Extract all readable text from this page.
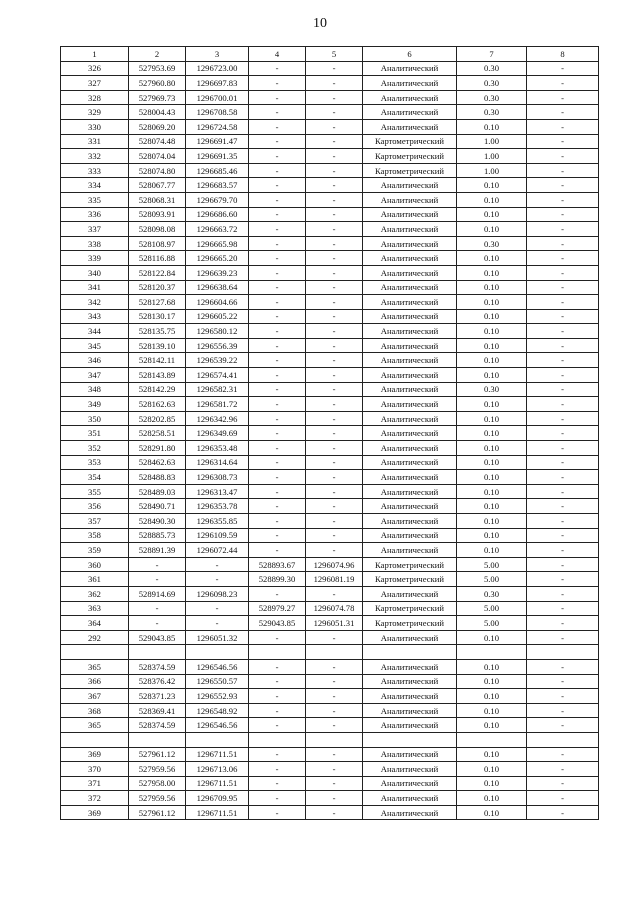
10
1	2	3	4	5	6	7	8
326	527953.69	1296723.00	-	-	Аналитический	0.30	-
327	527960.80	1296697.83	-	-	Аналитический	0.30	-
328	527969.73	1296700.01	-	-	Аналитический	0.30	-
329	528004.43	1296708.58	-	-	Аналитический	0.30	-
330	528069.20	1296724.58	-	-	Аналитический	0.10	-
331	528074.48	1296691.47	-	-	Картометрический	1.00	-
332	528074.04	1296691.35	-	-	Картометрический	1.00	-
333	528074.80	1296685.46	-	-	Картометрический	1.00	-
334	528067.77	1296683.57	-	-	Аналитический	0.10	-
335	528068.31	1296679.70	-	-	Аналитический	0.10	-
336	528093.91	1296686.60	-	-	Аналитический	0.10	-
337	528098.08	1296663.72	-	-	Аналитический	0.10	-
338	528108.97	1296665.98	-	-	Аналитический	0.30	-
339	528116.88	1296665.20	-	-	Аналитический	0.10	-
340	528122.84	1296639.23	-	-	Аналитический	0.10	-
341	528120.37	1296638.64	-	-	Аналитический	0.10	-
342	528127.68	1296604.66	-	-	Аналитический	0.10	-
343	528130.17	1296605.22	-	-	Аналитический	0.10	-
344	528135.75	1296580.12	-	-	Аналитический	0.10	-
345	528139.10	1296556.39	-	-	Аналитический	0.10	-
346	528142.11	1296539.22	-	-	Аналитический	0.10	-
347	528143.89	1296574.41	-	-	Аналитический	0.10	-
348	528142.29	1296582.31	-	-	Аналитический	0.30	-
349	528162.63	1296581.72	-	-	Аналитический	0.10	-
350	528202.85	1296342.96	-	-	Аналитический	0.10	-
351	528258.51	1296349.69	-	-	Аналитический	0.10	-
352	528291.80	1296353.48	-	-	Аналитический	0.10	-
353	528462.63	1296314.64	-	-	Аналитический	0.10	-
354	528488.83	1296308.73	-	-	Аналитический	0.10	-
355	528489.03	1296313.47	-	-	Аналитический	0.10	-
356	528490.71	1296353.78	-	-	Аналитический	0.10	-
357	528490.30	1296355.85	-	-	Аналитический	0.10	-
358	528885.73	1296109.59	-	-	Аналитический	0.10	-
359	528891.39	1296072.44	-	-	Аналитический	0.10	-
360	-	-	528893.67	1296074.96	Картометрический	5.00	-
361	-	-	528899.30	1296081.19	Картометрический	5.00	-
362	528914.69	1296098.23	-	-	Аналитический	0.30	-
363	-	-	528979.27	1296074.78	Картометрический	5.00	-
364	-	-	529043.85	1296051.31	Картометрический	5.00	-
292	529043.85	1296051.32	-	-	Аналитический	0.10	-

365	528374.59	1296546.56	-	-	Аналитический	0.10	-
366	528376.42	1296550.57	-	-	Аналитический	0.10	-
367	528371.23	1296552.93	-	-	Аналитический	0.10	-
368	528369.41	1296548.92	-	-	Аналитический	0.10	-
365	528374.59	1296546.56	-	-	Аналитический	0.10	-

369	527961.12	1296711.51	-	-	Аналитический	0.10	-
370	527959.56	1296713.06	-	-	Аналитический	0.10	-
371	527958.00	1296711.51	-	-	Аналитический	0.10	-
372	527959.56	1296709.95	-	-	Аналитический	0.10	-
369	527961.12	1296711.51	-	-	Аналитический	0.10	-
